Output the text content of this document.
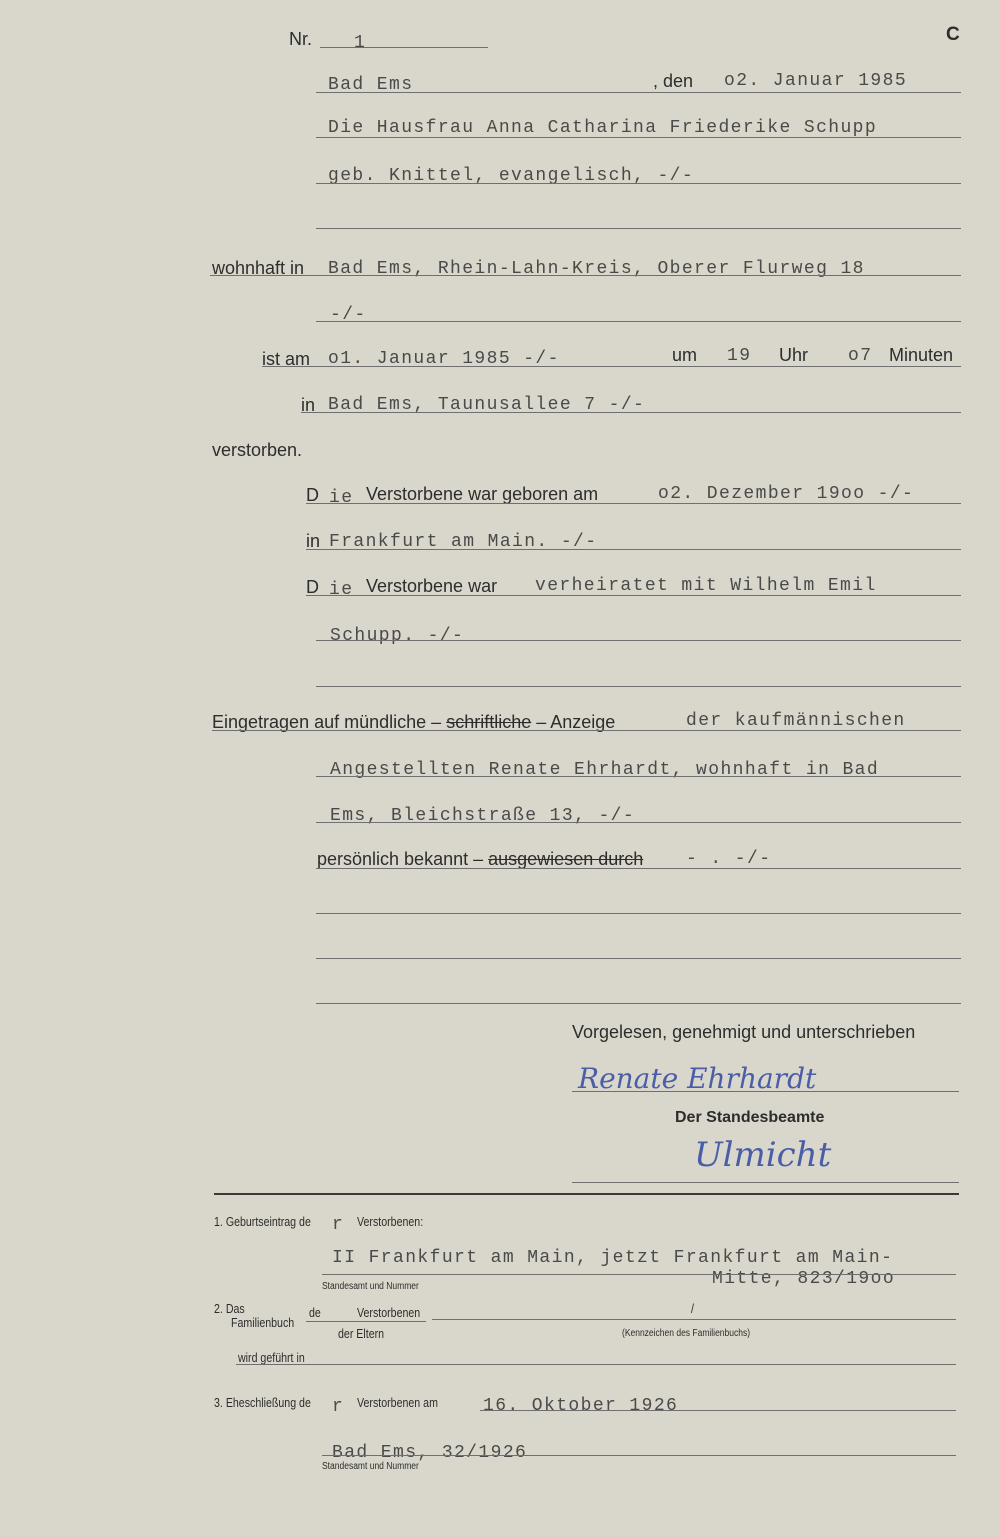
C
Nr. 1
Bad Ems	, den o2. Januar 1985
Die Hausfrau Anna Catharina Friederike Schupp
geb. Knittel, evangelisch, -/-
wohnhaft in Bad Ems, Rhein-Lahn-Kreis, Oberer Flurweg 18
-/-
ist am o1. Januar 1985 -/-	um 19 Uhr o7 Minuten
in Bad Ems, Taunusallee 7 -/-
verstorben.
D ie Verstorbene war geboren am	o2. Dezember 19oo -/-
in Frankfurt am Main. -/-
D ie Verstorbene war verheiratet mit Wilhelm Emil
Schupp. -/-
Eingetragen auf mündliche – schriftliche – Anzeige	der kaufmännischen
Angestellten Renate Ehrhardt, wohnhaft in Bad
Ems, Bleichstraße 13, -/-
persönlich bekannt – ausgewiesen durch - . -/-
Vorgelesen, genehmigt und unterschrieben
Renate Ehrhardt
Der Standesbeamte
Ulmicht
1. Geburtseintrag de r Verstorbenen:
II Frankfurt am Main, jetzt Frankfurt am Main-
Mitte, 823/19oo
Standesamt und Nummer
2. Das
Familienbuch
de	Verstorbenen	/
der Eltern	(Kennzeichen des Familienbuchs)
wird geführt in
3. Eheschließung de r Verstorbenen am	16. Oktober 1926
Bad Ems, 32/1926
Standesamt und Nummer
